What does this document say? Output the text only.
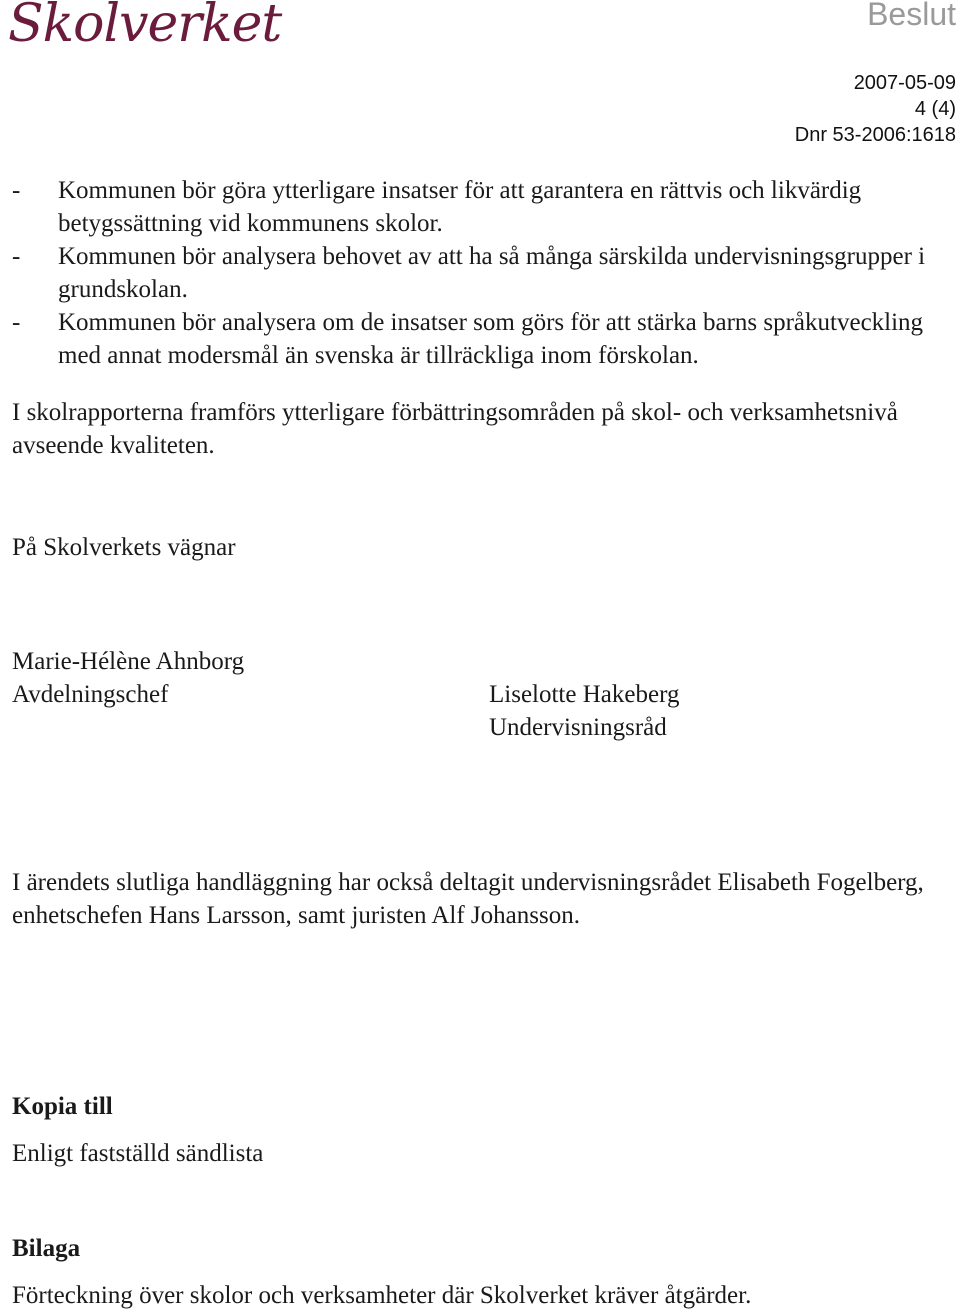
Skolverket	Beslut
2007-05-09
4 (4)
Dnr 53-2006:1618
- Kommunen bör göra ytterligare insatser för att garantera en rättvis och likvärdig betygssättning vid kommunens skolor.
- Kommunen bör analysera behovet av att ha så många särskilda undervisningsgrupper i grundskolan.
- Kommunen bör analysera om de insatser som görs för att stärka barns språkutveckling med annat modersmål än svenska är tillräckliga inom förskolan.
I skolrapporterna framförs ytterligare förbättringsområden på skol- och verksamhetsnivå avseende kvaliteten.
På Skolverkets vägnar
Marie-Hélène Ahnborg
Avdelningschef	Liselotte Hakeberg
Undervisningsråd
I ärendets slutliga handläggning har också deltagit undervisningsrådet Elisabeth Fogelberg, enhetschefen Hans Larsson, samt juristen Alf Johansson.
Kopia till
Enligt fastställd sändlista
Bilaga
Förteckning över skolor och verksamheter där Skolverket kräver åtgärder.
